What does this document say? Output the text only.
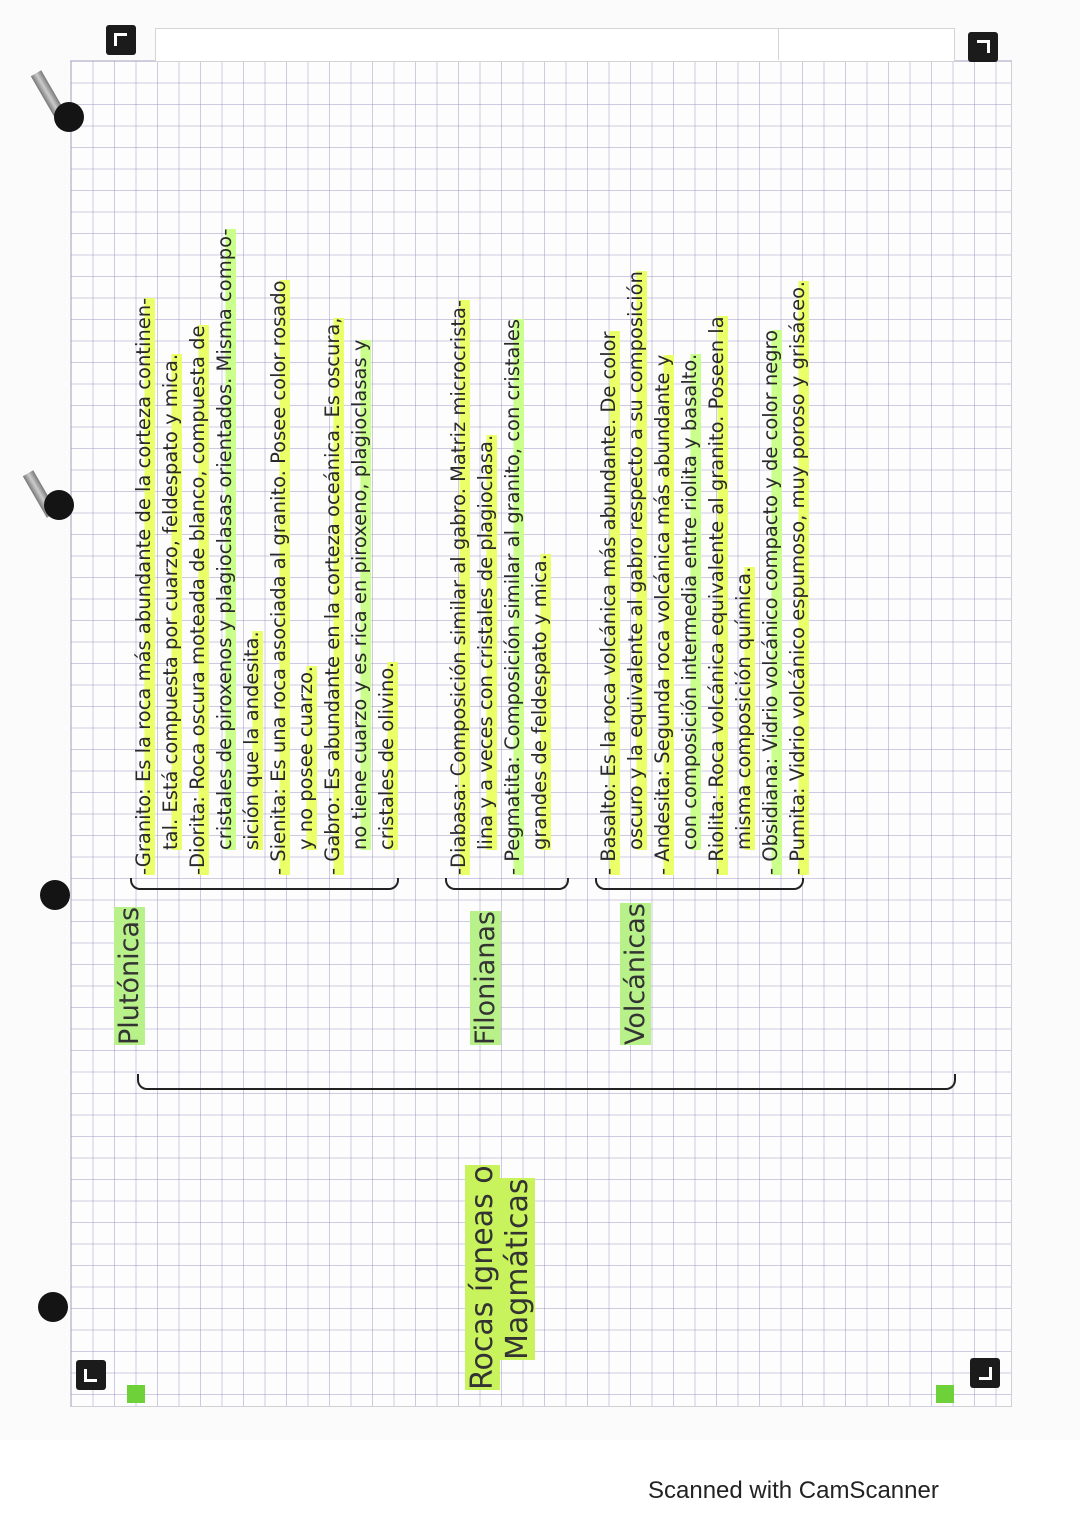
Rocas ígneas o Magmáticas
Plutónicas	Filonianas	Volcánicas
-Granito: Es la roca más abundante de la corteza continen- tal. Está compuesta por cuarzo, feldespato y mica. -Diorita: Roca oscura moteada de blanco, compuesta de cristales de piroxenos y plagioclasas orientados. Misma compo- sición que la andesita. - Sienita: Es una roca asociada al granito. Posee color rosado y no posee cuarzo. - Gabro: Es abundante en la corteza oceánica. Es oscura, no tiene cuarzo y es rica en piroxeno, plagioclasas y cristales de olivino.	-Diabasa: Composición similar al gabro. Matriz microcrista- lina y a veces con cristales de plagioclasa. - Pegmatita: Composición similar al granito, con cristales grandes de feldespato y mica. - Basalto: Es la roca volcánica más abundante. De color oscuro y la equivalente al gabro respecto a su composición - Andesita: Segunda roca volcánica más abundante y con composición intermedia entre riolita y basalto. - Riolita: Roca volcánica equivalente al granito. Poseen la misma composición química. - Obsidiana: Vidrio volcánico compacto y de color negro - Pumita: Vidrio volcánico espumoso, muy poroso y grisáceo.
Scanned with CamScanner
